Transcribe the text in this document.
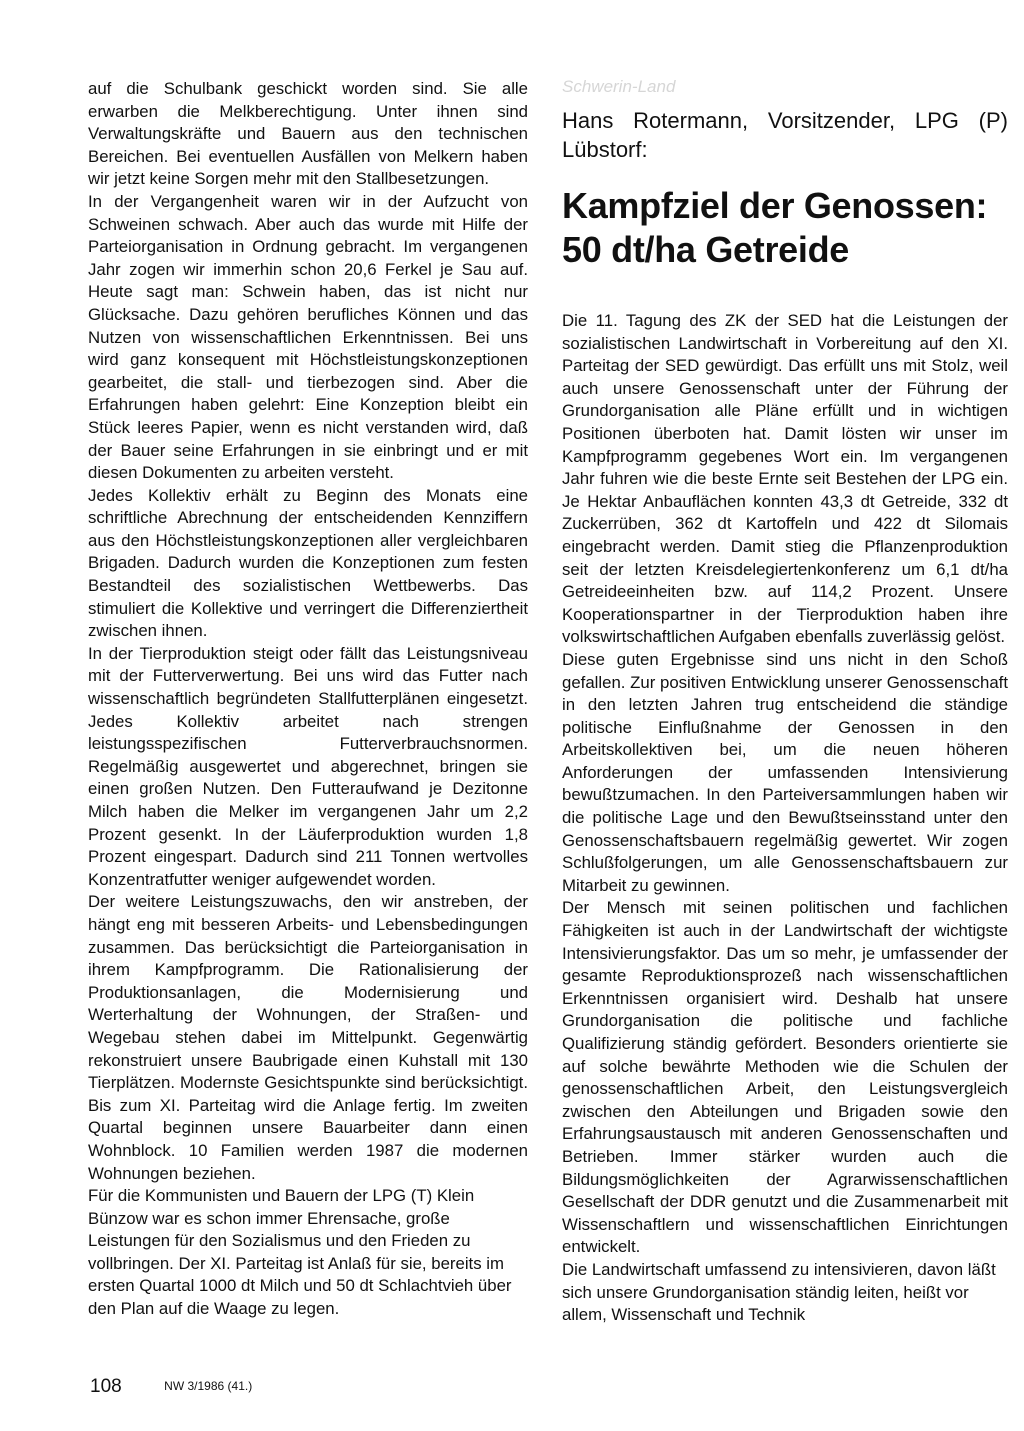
auf die Schulbank geschickt worden sind. Sie alle erwarben die Melkberechtigung. Unter ihnen sind Verwaltungskräfte und Bauern aus den technischen Bereichen. Bei eventuellen Ausfällen von Melkern haben wir jetzt keine Sorgen mehr mit den Stallbesetzungen.

In der Vergangenheit waren wir in der Aufzucht von Schweinen schwach. Aber auch das wurde mit Hilfe der Parteiorganisation in Ordnung gebracht. Im vergangenen Jahr zogen wir immerhin schon 20,6 Ferkel je Sau auf. Heute sagt man: Schwein haben, das ist nicht nur Glücksache. Dazu gehören berufliches Können und das Nutzen von wissenschaftlichen Erkenntnissen. Bei uns wird ganz konsequent mit Höchstleistungskonzeptionen gearbeitet, die stall- und tierbezogen sind. Aber die Erfahrungen haben gelehrt: Eine Konzeption bleibt ein Stück leeres Papier, wenn es nicht verstanden wird, daß der Bauer seine Erfahrungen in sie einbringt und er mit diesen Dokumenten zu arbeiten versteht.

Jedes Kollektiv erhält zu Beginn des Monats eine schriftliche Abrechnung der entscheidenden Kennziffern aus den Höchstleistungskonzeptionen aller vergleichbaren Brigaden. Dadurch wurden die Konzeptionen zum festen Bestandteil des sozialistischen Wettbewerbs. Das stimuliert die Kollektive und verringert die Differenziertheit zwischen ihnen.

In der Tierproduktion steigt oder fällt das Leistungsniveau mit der Futterverwertung. Bei uns wird das Futter nach wissenschaftlich begründeten Stallfutterplänen eingesetzt. Jedes Kollektiv arbeitet nach strengen leistungsspezifischen Futterverbrauchsnormen. Regelmäßig ausgewertet und abgerechnet, bringen sie einen großen Nutzen. Den Futteraufwand je Dezitonne Milch haben die Melker im vergangenen Jahr um 2,2 Prozent gesenkt. In der Läuferproduktion wurden 1,8 Prozent eingespart. Dadurch sind 211 Tonnen wertvolles Konzentratfutter weniger aufgewendet worden.

Der weitere Leistungszuwachs, den wir anstreben, der hängt eng mit besseren Arbeits- und Lebensbedingungen zusammen. Das berücksichtigt die Parteiorganisation in ihrem Kampfprogramm. Die Rationalisierung der Produktionsanlagen, die Modernisierung und Werterhaltung der Wohnungen, der Straßen- und Wegebau stehen dabei im Mittelpunkt. Gegenwärtig rekonstruiert unsere Baubrigade einen Kuhstall mit 130 Tierplätzen. Modernste Gesichtspunkte sind berücksichtigt. Bis zum XI. Parteitag wird die Anlage fertig. Im zweiten Quartal beginnen unsere Bauarbeiter dann einen Wohnblock. 10 Familien werden 1987 die modernen Wohnungen beziehen.

Für die Kommunisten und Bauern der LPG (T) Klein Bünzow war es schon immer Ehrensache, große Leistungen für den Sozialismus und den Frieden zu vollbringen. Der XI. Parteitag ist Anlaß für sie, bereits im ersten Quartal 1000 dt Milch und 50 dt Schlachtvieh über den Plan auf die Waage zu legen.

Schwerin-Land
Hans Rotermann, Vorsitzender, LPG (P) Lübstorf:
Kampfziel der Genossen: 50 dt/ha Getreide

Die 11. Tagung des ZK der SED hat die Leistungen der sozialistischen Landwirtschaft in Vorbereitung auf den XI. Parteitag der SED gewürdigt. Das erfüllt uns mit Stolz, weil auch unsere Genossenschaft unter der Führung der Grundorganisation alle Pläne erfüllt und in wichtigen Positionen überboten hat. Damit lösten wir unser im Kampfprogramm gegebenes Wort ein. Im vergangenen Jahr fuhren wie die beste Ernte seit Bestehen der LPG ein. Je Hektar Anbauflächen konnten 43,3 dt Getreide, 332 dt Zuckerrüben, 362 dt Kartoffeln und 422 dt Silomais eingebracht werden. Damit stieg die Pflanzenproduktion seit der letzten Kreisdelegiertenkonferenz um 6,1 dt/ha Getreideeinheiten bzw. auf 114,2 Prozent. Unsere Kooperationspartner in der Tierproduktion haben ihre volkswirtschaftlichen Aufgaben ebenfalls zuverlässig gelöst.

Diese guten Ergebnisse sind uns nicht in den Schoß gefallen. Zur positiven Entwicklung unserer Genossenschaft in den letzten Jahren trug entscheidend die ständige politische Einflußnahme der Genossen in den Arbeitskollektiven bei, um die neuen höheren Anforderungen der umfassenden Intensivierung bewußtzumachen. In den Parteiversammlungen haben wir die politische Lage und den Bewußtseinsstand unter den Genossenschaftsbauern regelmäßig gewertet. Wir zogen Schlußfolgerungen, um alle Genossenschaftsbauern zur Mitarbeit zu gewinnen.

Der Mensch mit seinen politischen und fachlichen Fähigkeiten ist auch in der Landwirtschaft der wichtigste Intensivierungsfaktor. Das um so mehr, je umfassender der gesamte Reproduktionsprozeß nach wissenschaftlichen Erkenntnissen organisiert wird. Deshalb hat unsere Grundorganisation die politische und fachliche Qualifizierung ständig gefördert. Besonders orientierte sie auf solche bewährte Methoden wie die Schulen der genossenschaftlichen Arbeit, den Leistungsvergleich zwischen den Abteilungen und Brigaden sowie den Erfahrungsaustausch mit anderen Genossenschaften und Betrieben. Immer stärker wurden auch die Bildungsmöglichkeiten der Agrarwissenschaftlichen Gesellschaft der DDR genutzt und die Zusammenarbeit mit Wissenschaftlern und wissenschaftlichen Einrichtungen entwickelt.

Die Landwirtschaft umfassend zu intensivieren, davon läßt sich unsere Grundorganisation ständig leiten, heißt vor allem, Wissenschaft und Technik

108	NW 3/1986 (41.)
